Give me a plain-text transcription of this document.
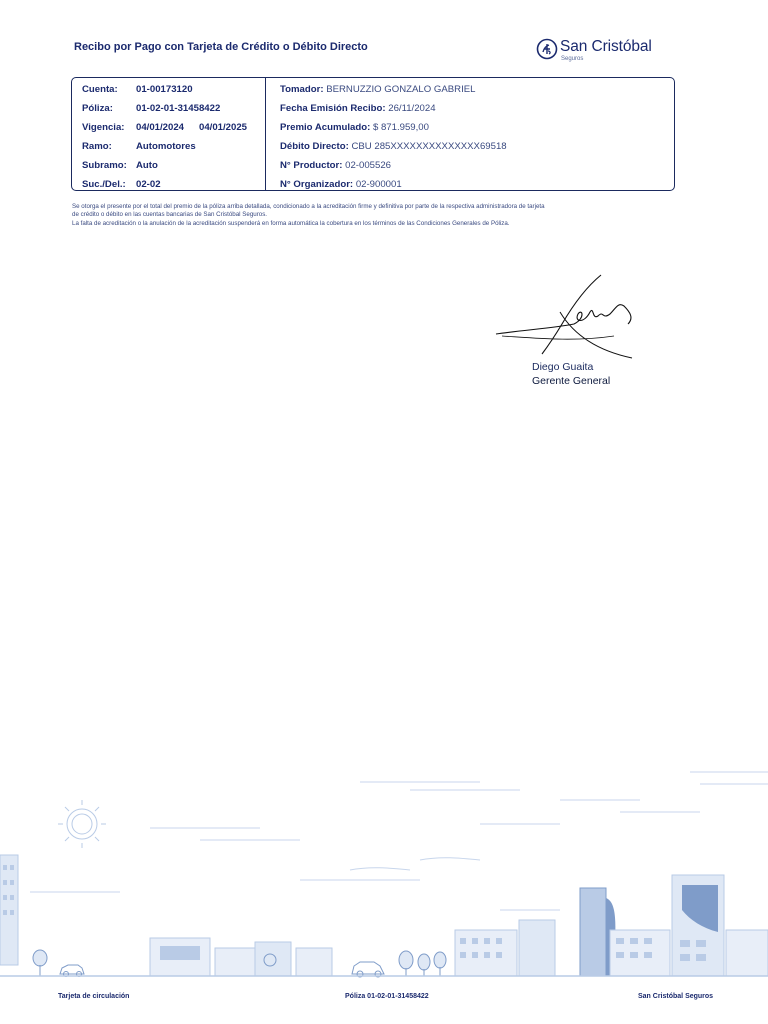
Recibo por Pago con Tarjeta de Crédito o Débito Directo	San Cristóbal
Seguros
Cuenta: 01-00173120
Póliza: 01-02-01-31458422
Vigencia: 04/01/2024 04/01/2025
Ramo:	Automotores
Subramo: Auto
Suc./Del.: 02-02
Tomador: BERNUZZIO GONZALO GABRIEL
Fecha Emisión Recibo: 26/11/2024
Premio Acumulado: $ 871.959,00
Débito Directo: CBU 285XXXXXXXXXXXXXX69518
N° Productor: 02-005526
N° Organizador: 02-900001
Se otorga el presente por el total del premio de la póliza arriba detallada, condicionado a la acreditación firme y definitiva por parte de la respectiva administradora de tarjeta
de crédito o débito en las cuentas bancarias de San Cristóbal Seguros.
La falta de acreditación o la anulación de la acreditación suspenderá en forma automática la cobertura en los términos de las Condiciones Generales de Póliza.
Diego Guaita
Gerente General
Tarjeta de circulación	Póliza 01-02-01-31458422	San Cristóbal Seguros
